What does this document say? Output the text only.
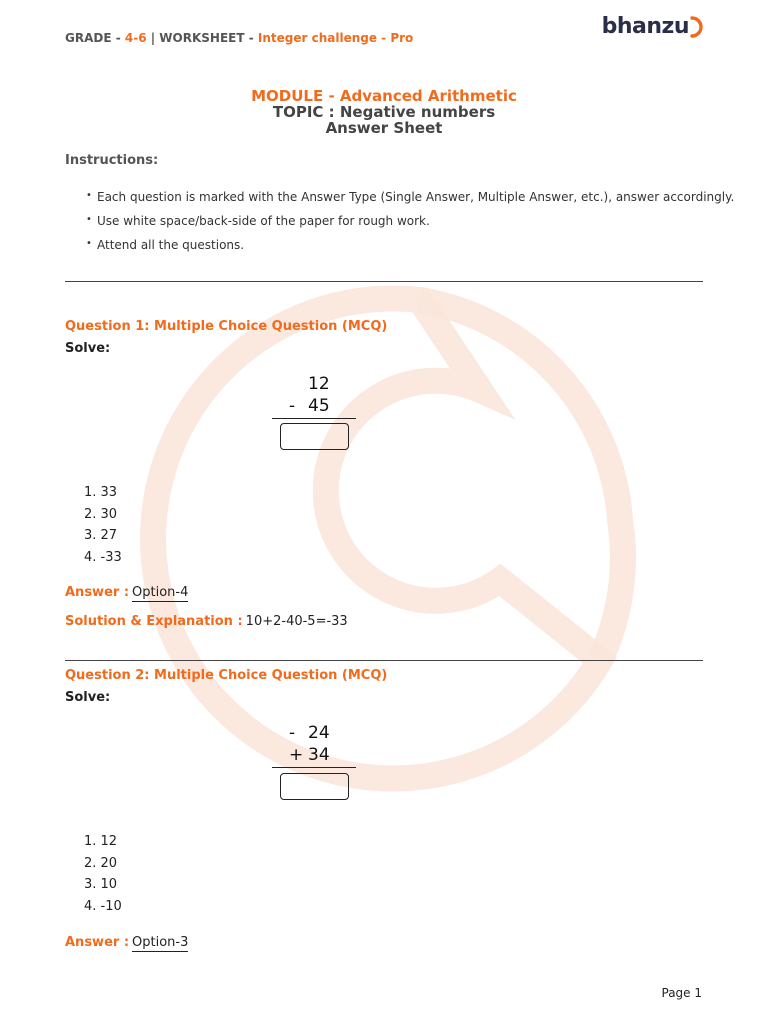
GRADE - 4-6 | WORKSHEET - Integer challenge - Pro	bhanzu
MODULE - Advanced Arithmetic
TOPIC : Negative numbers
Answer Sheet
Instructions:
• Each question is marked with the Answer Type (Single Answer, Multiple Answer, etc.), answer accordingly.
• Use white space/back-side of the paper for rough work.
• Attend all the questions.
Question 1: Multiple Choice Question (MCQ)
Solve:
12
- 45
1. 33
2. 30
3. 27
4. -33
Answer : Option-4
Solution & Explanation : 10+2-40-5=-33
Question 2: Multiple Choice Question (MCQ)
Solve:
- 24
+ 34
1. 12
2. 20
3. 10
4. -10
Answer : Option-3
Page 1
